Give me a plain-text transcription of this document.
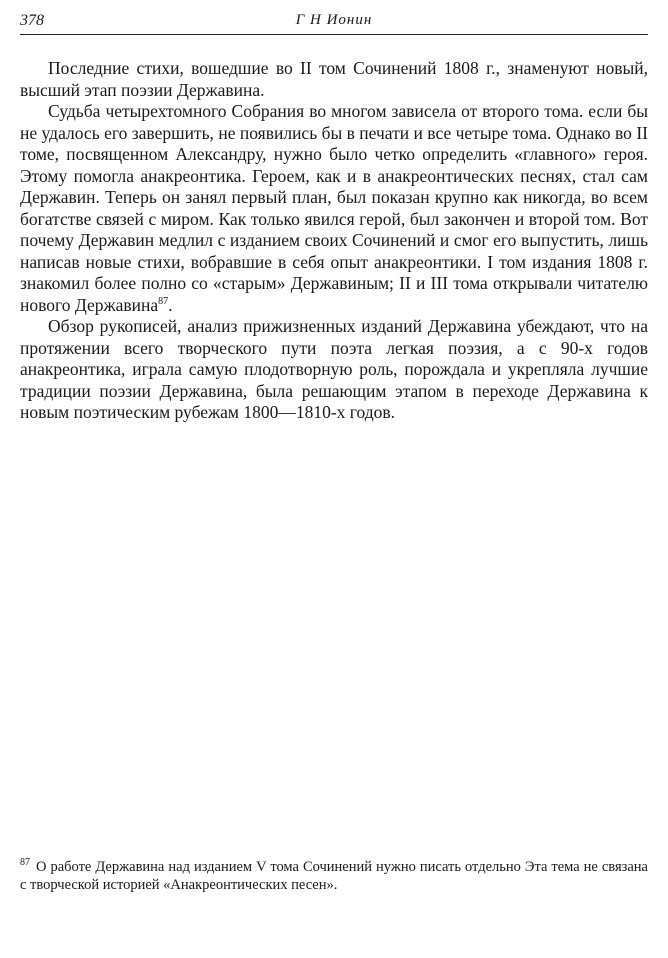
378	Г Н Ионин

Последние стихи, вошедшие во II том Сочинений 1808 г., знаменуют новый, высший этап поэзии Державина.

Судьба четырехтомного Собрания во многом зависела от второго тома. если бы не удалось его завершить, не появились бы в печати и все четыре тома. Однако во II томе, посвященном Александру, нужно было четко определить «главного» героя. Этому помогла анакреонтика. Героем, как и в анакреонтических песнях, стал сам Державин. Теперь он занял первый план, был показан крупно как никогда, во всем богатстве связей с миром. Как только явился герой, был закончен и второй том. Вот почему Державин медлил с изданием своих Сочинений и смог его выпустить, лишь написав новые стихи, вобравшие в себя опыт анакреонтики. I том издания 1808 г. знакомил более полно со «старым» Державиным; II и III тома открывали читателю нового Державина$^{87}$.

Обзор рукописей, анализ прижизненных изданий Державина убеждают, что на протяжении всего творческого пути поэта легкая поэзия, а с 90-х годов анакреонтика, играла самую плодотворную роль, порождала и укрепляла лучшие традиции поэзии Державина, была решающим этапом в переходе Державина к новым поэтическим рубежам 1800—1810-х годов.

$^{87}$ О работе Державина над изданием V тома Сочинений нужно писать отдельно Эта тема не связана с творческой историей «Анакреонтических песен».
